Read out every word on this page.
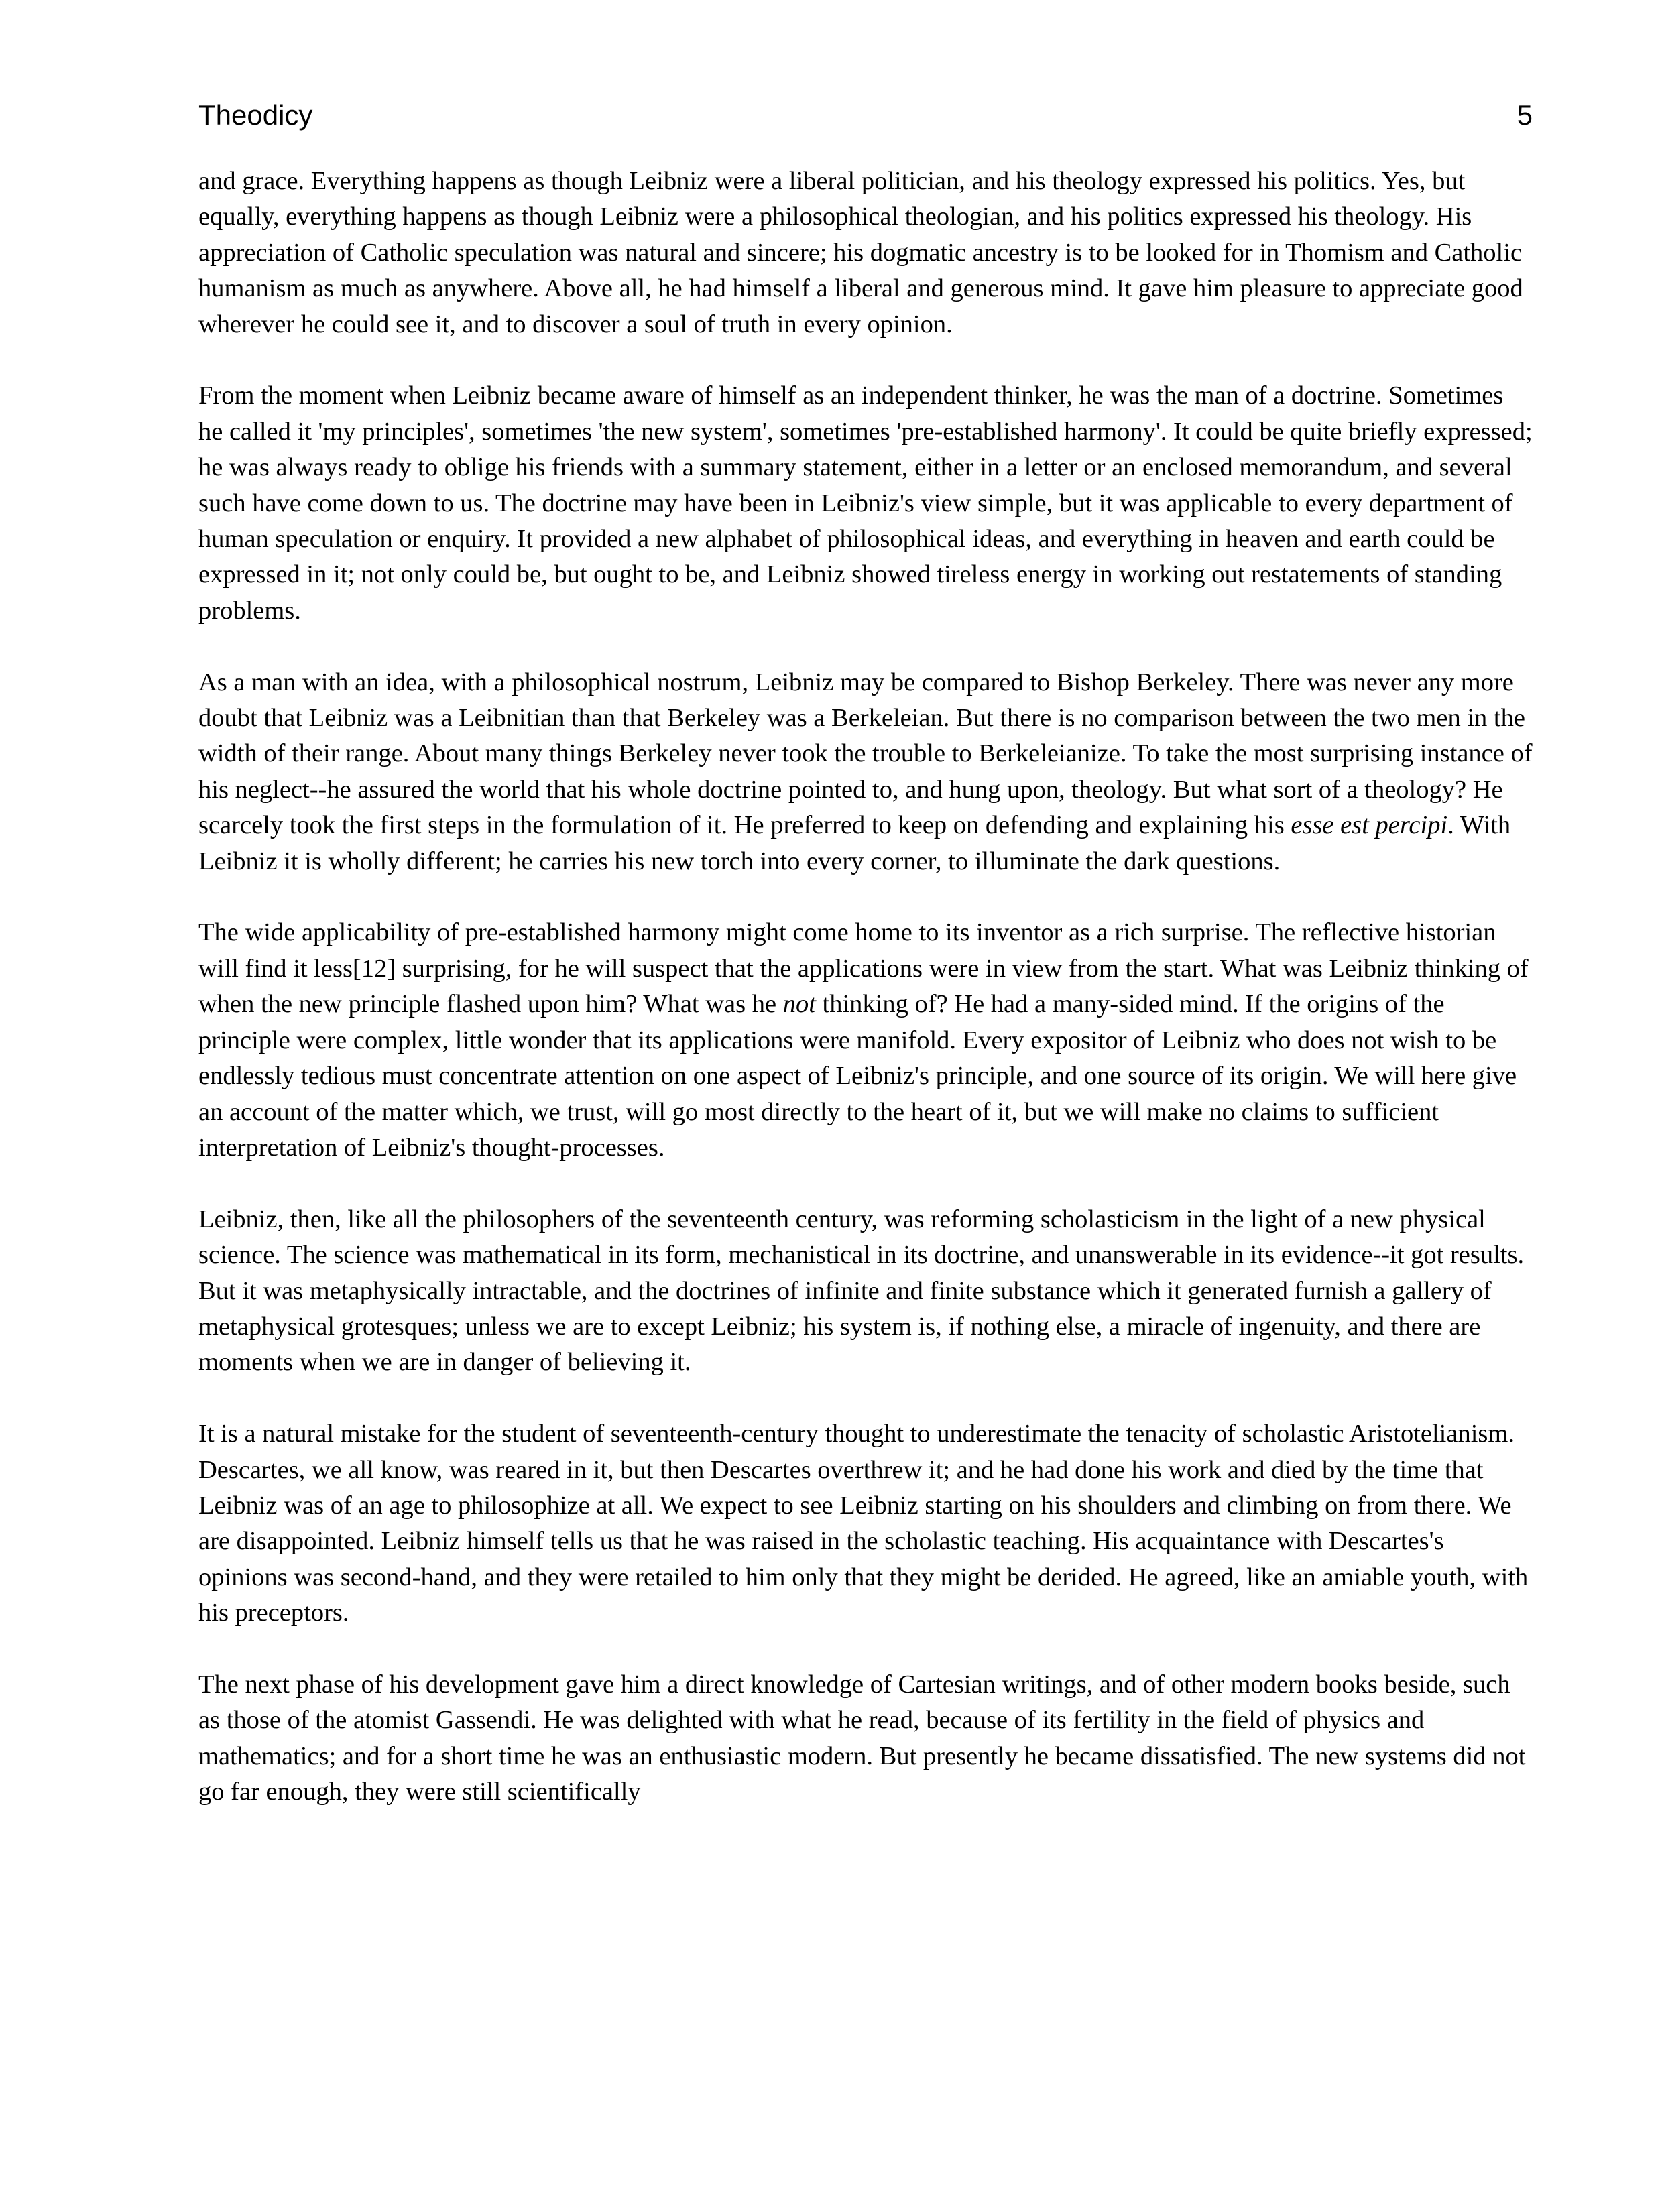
Theodicy	5

and grace. Everything happens as though Leibniz were a liberal politician, and his theology expressed his politics. Yes, but equally, everything happens as though Leibniz were a philosophical theologian, and his politics expressed his theology. His appreciation of Catholic speculation was natural and sincere; his dogmatic ancestry is to be looked for in Thomism and Catholic humanism as much as anywhere. Above all, he had himself a liberal and generous mind. It gave him pleasure to appreciate good wherever he could see it, and to discover a soul of truth in every opinion.

From the moment when Leibniz became aware of himself as an independent thinker, he was the man of a doctrine. Sometimes he called it 'my principles', sometimes 'the new system', sometimes 'pre-established harmony'. It could be quite briefly expressed; he was always ready to oblige his friends with a summary statement, either in a letter or an enclosed memorandum, and several such have come down to us. The doctrine may have been in Leibniz's view simple, but it was applicable to every department of human speculation or enquiry. It provided a new alphabet of philosophical ideas, and everything in heaven and earth could be expressed in it; not only could be, but ought to be, and Leibniz showed tireless energy in working out restatements of standing problems.

As a man with an idea, with a philosophical nostrum, Leibniz may be compared to Bishop Berkeley. There was never any more doubt that Leibniz was a Leibnitian than that Berkeley was a Berkeleian. But there is no comparison between the two men in the width of their range. About many things Berkeley never took the trouble to Berkeleianize. To take the most surprising instance of his neglect--he assured the world that his whole doctrine pointed to, and hung upon, theology. But what sort of a theology? He scarcely took the first steps in the formulation of it. He preferred to keep on defending and explaining his esse est percipi. With Leibniz it is wholly different; he carries his new torch into every corner, to illuminate the dark questions.

The wide applicability of pre-established harmony might come home to its inventor as a rich surprise. The reflective historian will find it less[12] surprising, for he will suspect that the applications were in view from the start. What was Leibniz thinking of when the new principle flashed upon him? What was he not thinking of? He had a many-sided mind. If the origins of the principle were complex, little wonder that its applications were manifold. Every expositor of Leibniz who does not wish to be endlessly tedious must concentrate attention on one aspect of Leibniz's principle, and one source of its origin. We will here give an account of the matter which, we trust, will go most directly to the heart of it, but we will make no claims to sufficient interpretation of Leibniz's thought-processes.

Leibniz, then, like all the philosophers of the seventeenth century, was reforming scholasticism in the light of a new physical science. The science was mathematical in its form, mechanistical in its doctrine, and unanswerable in its evidence--it got results. But it was metaphysically intractable, and the doctrines of infinite and finite substance which it generated furnish a gallery of metaphysical grotesques; unless we are to except Leibniz; his system is, if nothing else, a miracle of ingenuity, and there are moments when we are in danger of believing it.

It is a natural mistake for the student of seventeenth-century thought to underestimate the tenacity of scholastic Aristotelianism. Descartes, we all know, was reared in it, but then Descartes overthrew it; and he had done his work and died by the time that Leibniz was of an age to philosophize at all. We expect to see Leibniz starting on his shoulders and climbing on from there. We are disappointed. Leibniz himself tells us that he was raised in the scholastic teaching. His acquaintance with Descartes's opinions was second-hand, and they were retailed to him only that they might be derided. He agreed, like an amiable youth, with his preceptors.

The next phase of his development gave him a direct knowledge of Cartesian writings, and of other modern books beside, such as those of the atomist Gassendi. He was delighted with what he read, because of its fertility in the field of physics and mathematics; and for a short time he was an enthusiastic modern. But presently he became dissatisfied. The new systems did not go far enough, they were still scientifically
